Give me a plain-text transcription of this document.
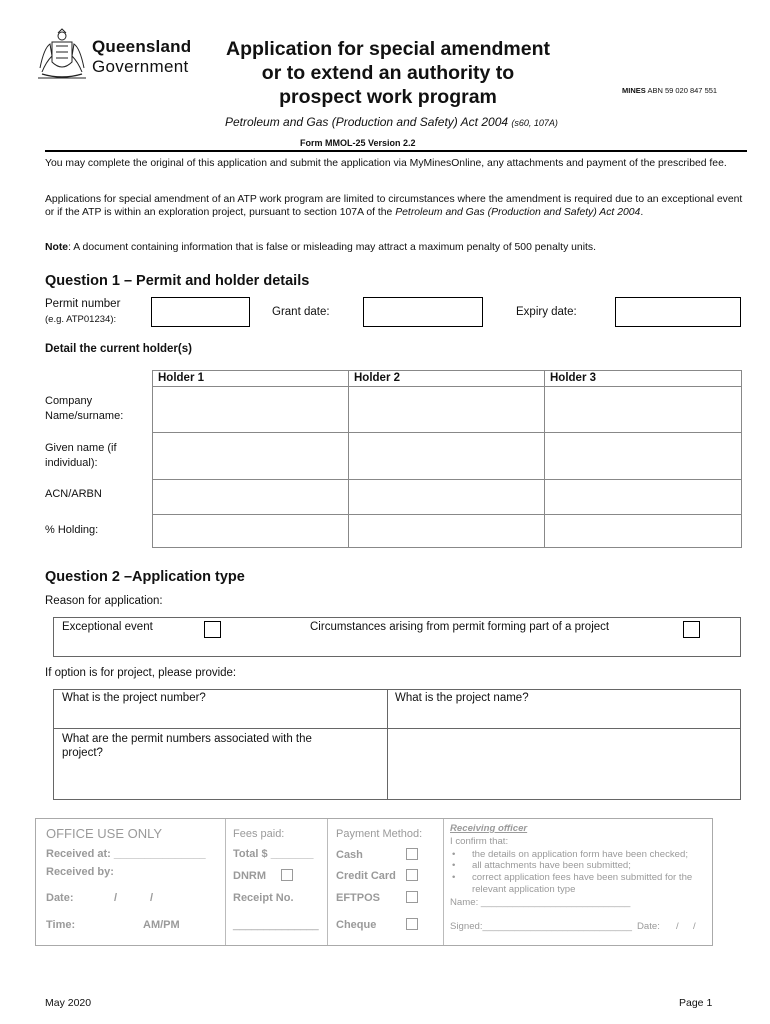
Queensland
Government
Application for special amendment
or to extend an authority to
prospect work program	MINES ABN 59 020 847 551
Petroleum and Gas (Production and Safety) Act 2004 (s60, 107A)
Form MMOL-25 Version 2.2
You may complete the original of this application and submit the application via MyMinesOnline, any attachments and payment of the prescribed fee.
Applications for special amendment of an ATP work program are limited to circumstances where the amendment is required due to an exceptional event or if the ATP is within an exploration project, pursuant to section 107A of the Petroleum and Gas (Production and Safety) Act 2004.
Note: A document containing information that is false or misleading may attract a maximum penalty of 500 penalty units.
Question 1 – Permit and holder details
Permit number
(e.g. ATP01234):
Grant date:	Expiry date:
Detail the current holder(s)
Holder 1	Holder 2	Holder 3
Company
Name/surname:
Given name (if
individual):
ACN/ARBN
% Holding:
Question 2 –Application type
Reason for application:
Exceptional event	Circumstances arising from permit forming part of a project
If option is for project, please provide:
What is the project number?	What is the project name?
What are the permit numbers associated with the
project?
OFFICE USE ONLY
Received at: _______________
Received by:
Date:	/	/
Time:	AM/PM
Fees paid:
Total $ _______
DNRM
Receipt No.
______________
Payment Method:
Cash
Credit Card
EFTPOS
Cheque
Receiving officer
I confirm that:
• the details on application form have been checked;
• all attachments have been submitted;
• correct application fees have been submitted for the relevant application type
Name: ____________________________
Signed:____________________________ Date: / /
May 2020	Page 1
